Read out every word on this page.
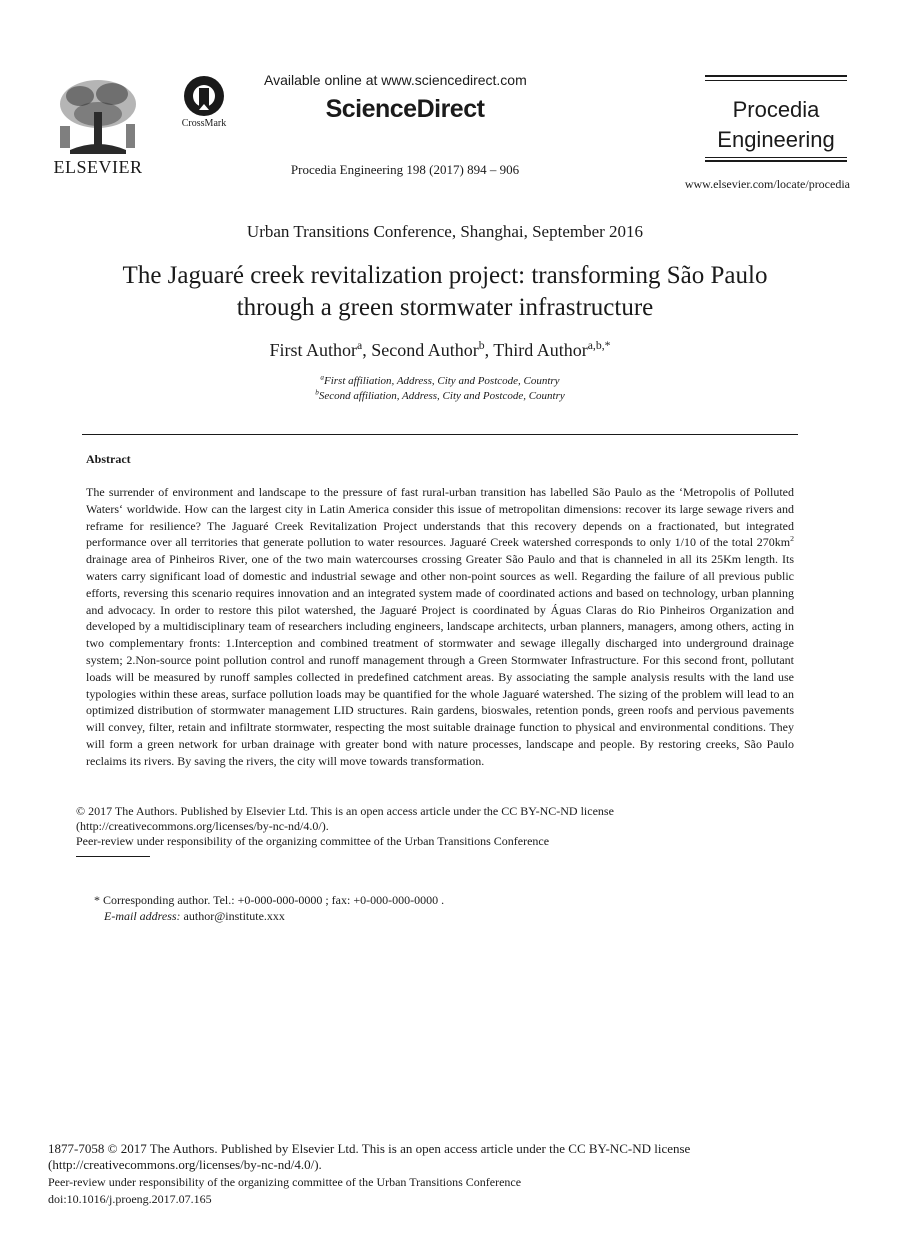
ELSEVIER
CrossMark
Available online at www.sciencedirect.com
ScienceDirect
Procedia Engineering 198 (2017) 894 – 906
Procedia
Engineering
www.elsevier.com/locate/procedia
Urban Transitions Conference, Shanghai, September 2016
The Jaguaré creek revitalization project: transforming São Paulo
through a green stormwater infrastructure
First Author$^a$, Second Author$^b$, Third Author$^{a,b,*}$
$^a$First affiliation, Address, City and Postcode, Country
$^b$Second affiliation, Address, City and Postcode, Country
Abstract

The surrender of environment and landscape to the pressure of fast rural-urban transition has labelled São Paulo as the ‘Metropolis of Polluted Waters‘ worldwide. How can the largest city in Latin America consider this issue of metropolitan dimensions: recover its large sewage rivers and reframe for resilience? The Jaguaré Creek Revitalization Project understands that this recovery depends on a fractionated, but integrated performance over all territories that generate pollution to water resources. Jaguaré Creek watershed corresponds to only 1/10 of the total $270km^2$ drainage area of Pinheiros River, one of the two main watercourses crossing Greater São Paulo and that is channeled in all its 25Km length. Its waters carry significant load of domestic and industrial sewage and other non-point sources as well. Regarding the failure of all previous public efforts, reversing this scenario requires innovation and an integrated system made of coordinated actions and based on technology, urban planning and advocacy. In order to restore this pilot watershed, the Jaguaré Project is coordinated by Águas Claras do Rio Pinheiros Organization and developed by a multidisciplinary team of researchers including engineers, landscape architects, urban planners, managers, among others, acting in two complementary fronts: 1.Interception and combined treatment of stormwater and sewage illegally discharged into underground drainage system; 2.Non-source point pollution control and runoff management through a Green Stormwater Infrastructure. For this second front, pollutant loads will be measured by runoff samples collected in predefined catchment areas. By associating the sample analysis results with the land use typologies within these areas, surface pollution loads may be quantified for the whole Jaguaré watershed. The sizing of the problem will lead to an optimized distribution of stormwater management LID structures. Rain gardens, bioswales, retention ponds, green roofs and pervious pavements will convey, filter, retain and infiltrate stormwater, respecting the most suitable drainage function to physical and environmental conditions. They will form a green network for urban drainage with greater bond with nature processes, landscape and people. By restoring creeks, São Paulo reclaims its rivers. By saving the rivers, the city will move towards transformation.

© 2017 The Authors. Published by Elsevier Ltd. This is an open access article under the CC BY-NC-ND license
(http://creativecommons.org/licenses/by-nc-nd/4.0/).
Peer-review under responsibility of the organizing committee of the Urban Transitions Conference
* Corresponding author. Tel.: +0-000-000-0000 ; fax: +0-000-000-0000 .
E-mail address: author@institute.xxx
1877-7058 © 2017 The Authors. Published by Elsevier Ltd. This is an open access article under the CC BY-NC-ND license
(http://creativecommons.org/licenses/by-nc-nd/4.0/).
Peer-review under responsibility of the organizing committee of the Urban Transitions Conference
doi:10.1016/j.proeng.2017.07.165
